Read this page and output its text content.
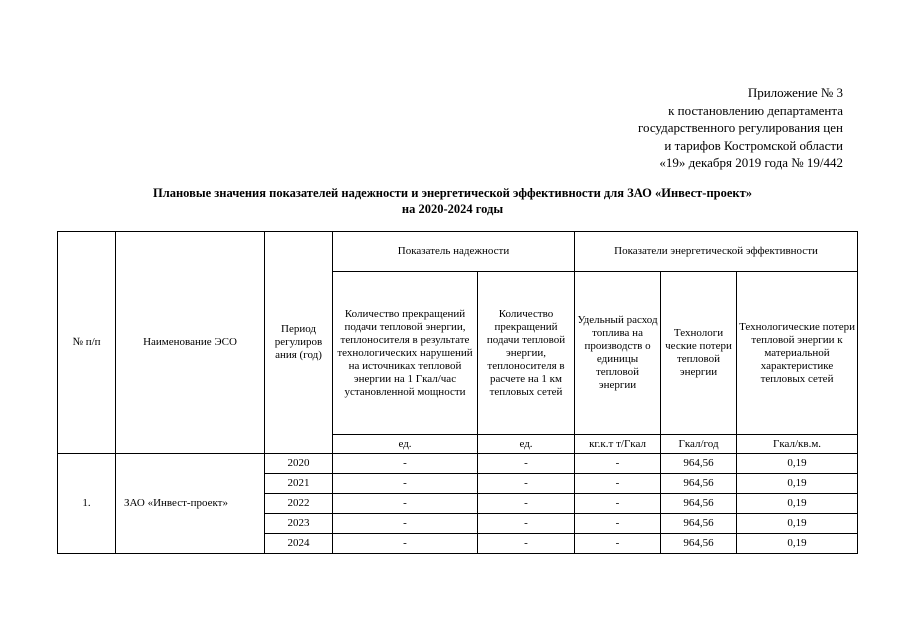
Приложение № 3
к постановлению департамента
государственного регулирования цен
и тарифов Костромской области
«19» декабря 2019 года № 19/442
Плановые значения показателей надежности и энергетической эффективности для ЗАО «Инвест-проект»
на 2020-2024 годы
№ п/п	Наименование ЭСО	Период регулиров ания (год)	Показатель надежности		Показатели энергетической эффективности		
			Количество прекращений подачи тепловой энергии, теплоносителя в результате технологических нарушений на источниках тепловой энергии на 1 Гкал/час установленной мощности	Количество прекращений подачи тепловой энергии, теплоносителя в расчете на 1 км тепловых сетей	Удельный расход топлива на производств о единицы тепловой энергии	Технологи ческие потери тепловой энергии	Технологические потери тепловой энергии к материальной характеристике тепловых сетей
			ед.	ед.	кг.к.т т/Гкал	Гкал/год	Гкал/кв.м.
1.	ЗАО «Инвест-проект»	2020	-	-	-	964,56	0,19
		2021	-	-	-	964,56	0,19
		2022	-	-	-	964,56	0,19
		2023	-	-	-	964,56	0,19
		2024	-	-	-	964,56	0,19
